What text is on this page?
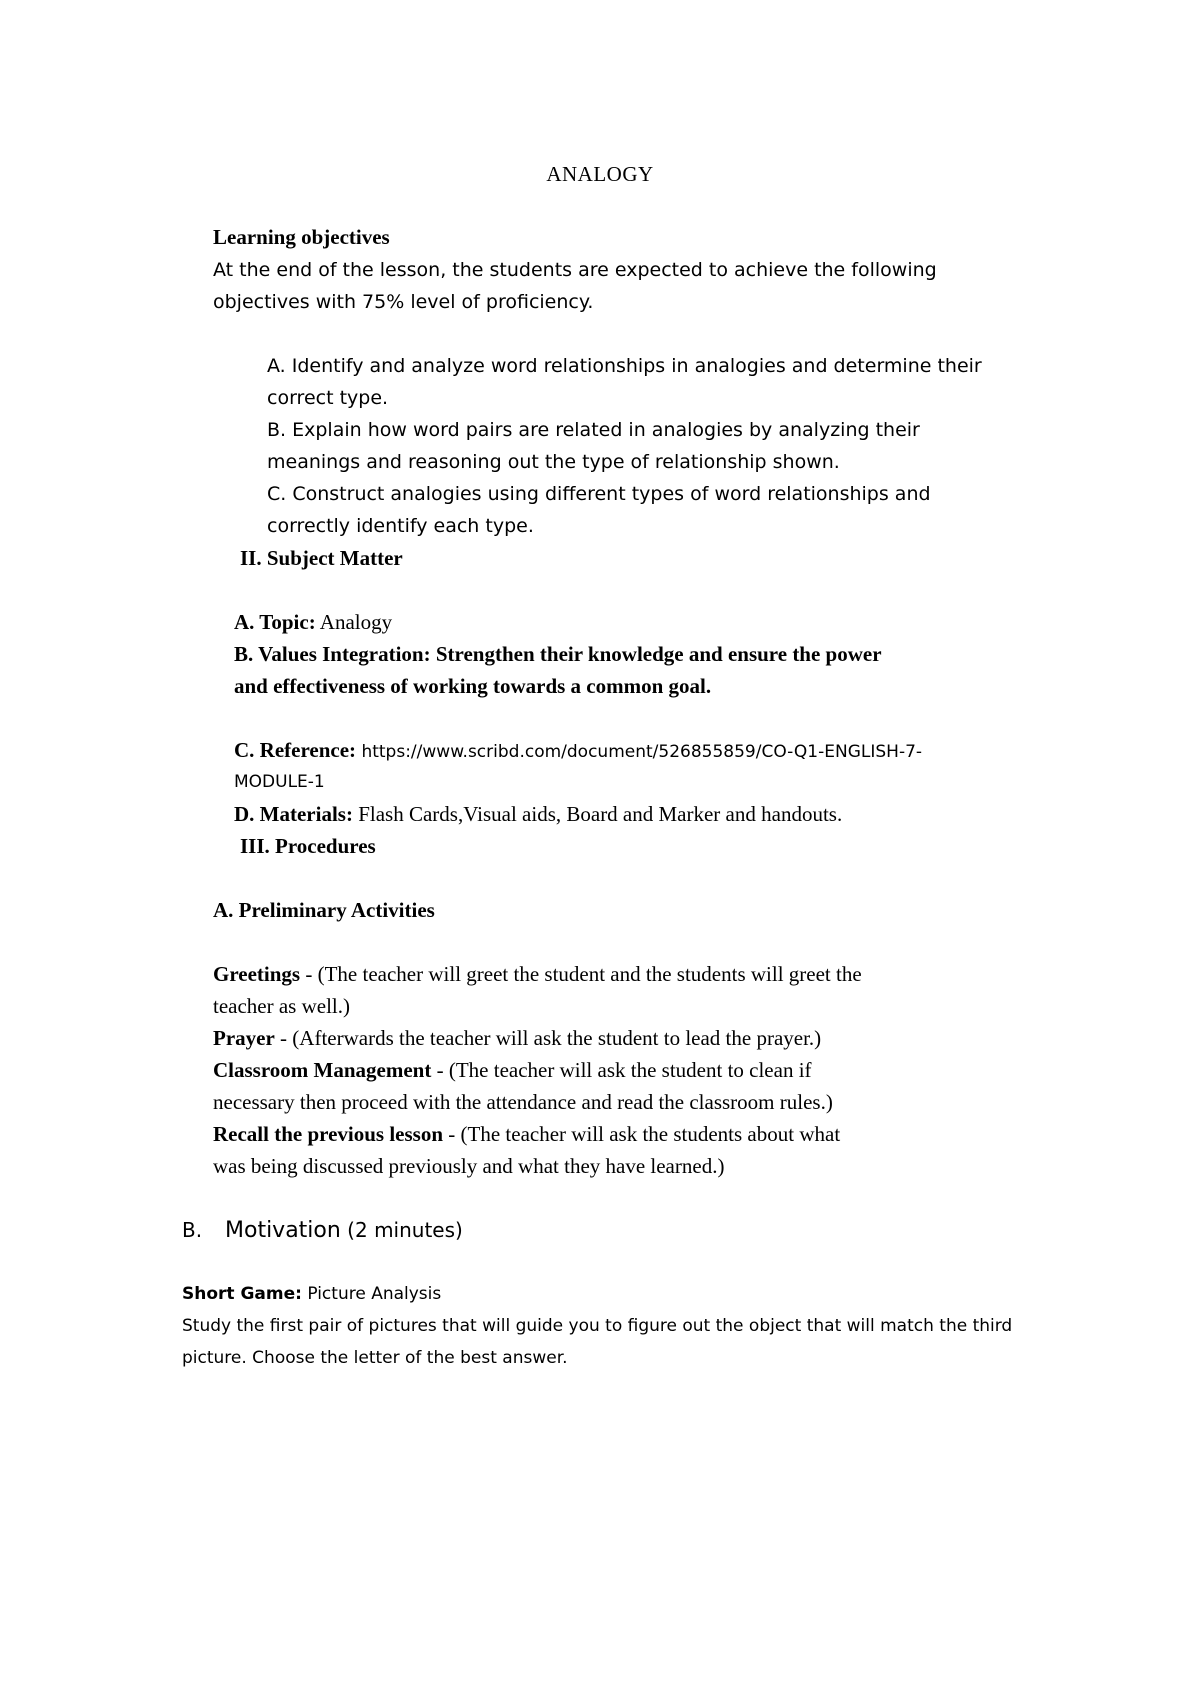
ANALOGY
Learning objectives
At the end of the lesson, the students are expected to achieve the following
objectives with 75% level of proficiency.
A. Identify and analyze word relationships in analogies and determine their
correct type.
B. Explain how word pairs are related in analogies by analyzing their
meanings and reasoning out the type of relationship shown.
C. Construct analogies using different types of word relationships and
correctly identify each type.
II. Subject Matter
A. Topic: Analogy
B. Values Integration: Strengthen their knowledge and ensure the power
and effectiveness of working towards a common goal.
C. Reference: https://www.scribd.com/document/526855859/CO-Q1-ENGLISH-7-
MODULE-1
D. Materials: Flash Cards,Visual aids, Board and Marker and handouts.
III. Procedures
A. Preliminary Activities
Greetings - (The teacher will greet the student and the students will greet the
teacher as well.)
Prayer - (Afterwards the teacher will ask the student to lead the prayer.)
Classroom Management - (The teacher will ask the student to clean if
necessary then proceed with the attendance and read the classroom rules.)
Recall the previous lesson - (The teacher will ask the students about what
was being discussed previously and what they have learned.)
B. Motivation (2 minutes)
Short Game: Picture Analysis
Study the first pair of pictures that will guide you to figure out the object that will match the third
picture. Choose the letter of the best answer.
